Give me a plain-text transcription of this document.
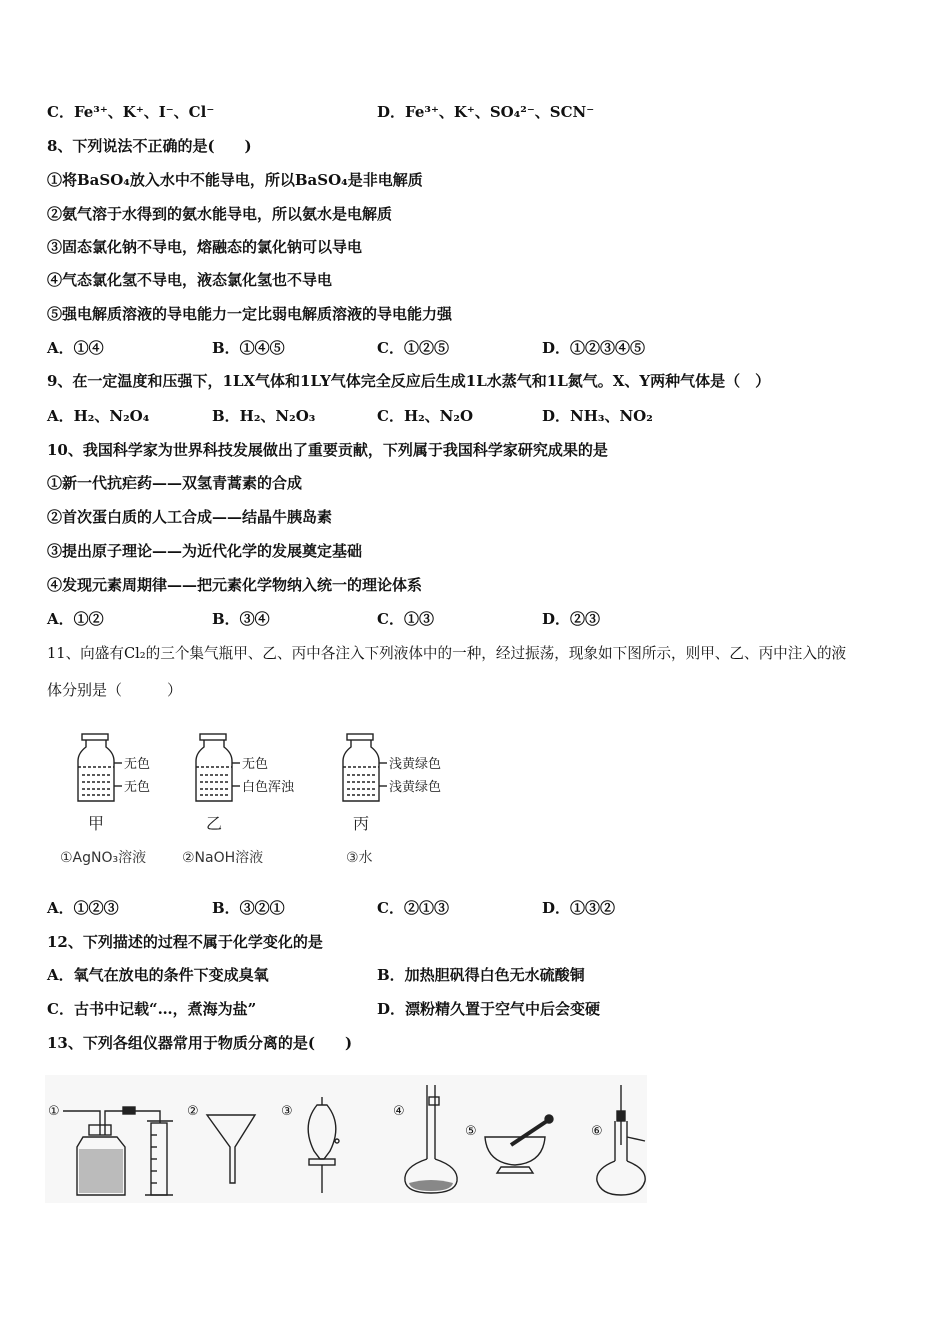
C．Fe³⁺、K⁺、I⁻、Cl⁻	D．Fe³⁺、K⁺、SO₄²⁻、SCN⁻
8、下列说法不正确的是(　　)
①将BaSO₄放入水中不能导电，所以BaSO₄是非电解质
②氨气溶于水得到的氨水能导电，所以氨水是电解质
③固态氯化钠不导电，熔融态的氯化钠可以导电
④气态氯化氢不导电，液态氯化氢也不导电
⑤强电解质溶液的导电能力一定比弱电解质溶液的导电能力强
A．①④	B．①④⑤	C．①②⑤	D．①②③④⑤
9、在一定温度和压强下，1LX气体和1LY气体完全反应后生成1L水蒸气和1L氮气。X、Y两种气体是（　）
A．H₂、N₂O₄	B．H₂、N₂O₃	C．H₂、N₂O	D．NH₃、NO₂
10、我国科学家为世界科技发展做出了重要贡献，下列属于我国科学家研究成果的是
①新一代抗疟药——双氢青蒿素的合成
②首次蛋白质的人工合成——结晶牛胰岛素
③提出原子理论——为近代化学的发展奠定基础
④发现元素周期律——把元素化学物纳入统一的理论体系
A．①②	B．③④	C．①③	D．②③
11、向盛有Cl₂的三个集气瓶甲、乙、丙中各注入下列液体中的一种，经过振荡，现象如下图所示，则甲、乙、丙中注入的液
体分别是（　　　）
无色
无色
甲
①AgNO₃溶液
无色
白色浑浊
乙
②NaOH溶液
浅黄绿色
浅黄绿色
丙
③水
A．①②③	B．③②①	C．②①③	D．①③②
12、下列描述的过程不属于化学变化的是
A．氧气在放电的条件下变成臭氧	B．加热胆矾得白色无水硫酸铜
C．古书中记载“…，煮海为盐”	D．漂粉精久置于空气中后会变硬
13、下列各组仪器常用于物质分离的是(　　)
①	②	③	④
⑤	⑥
